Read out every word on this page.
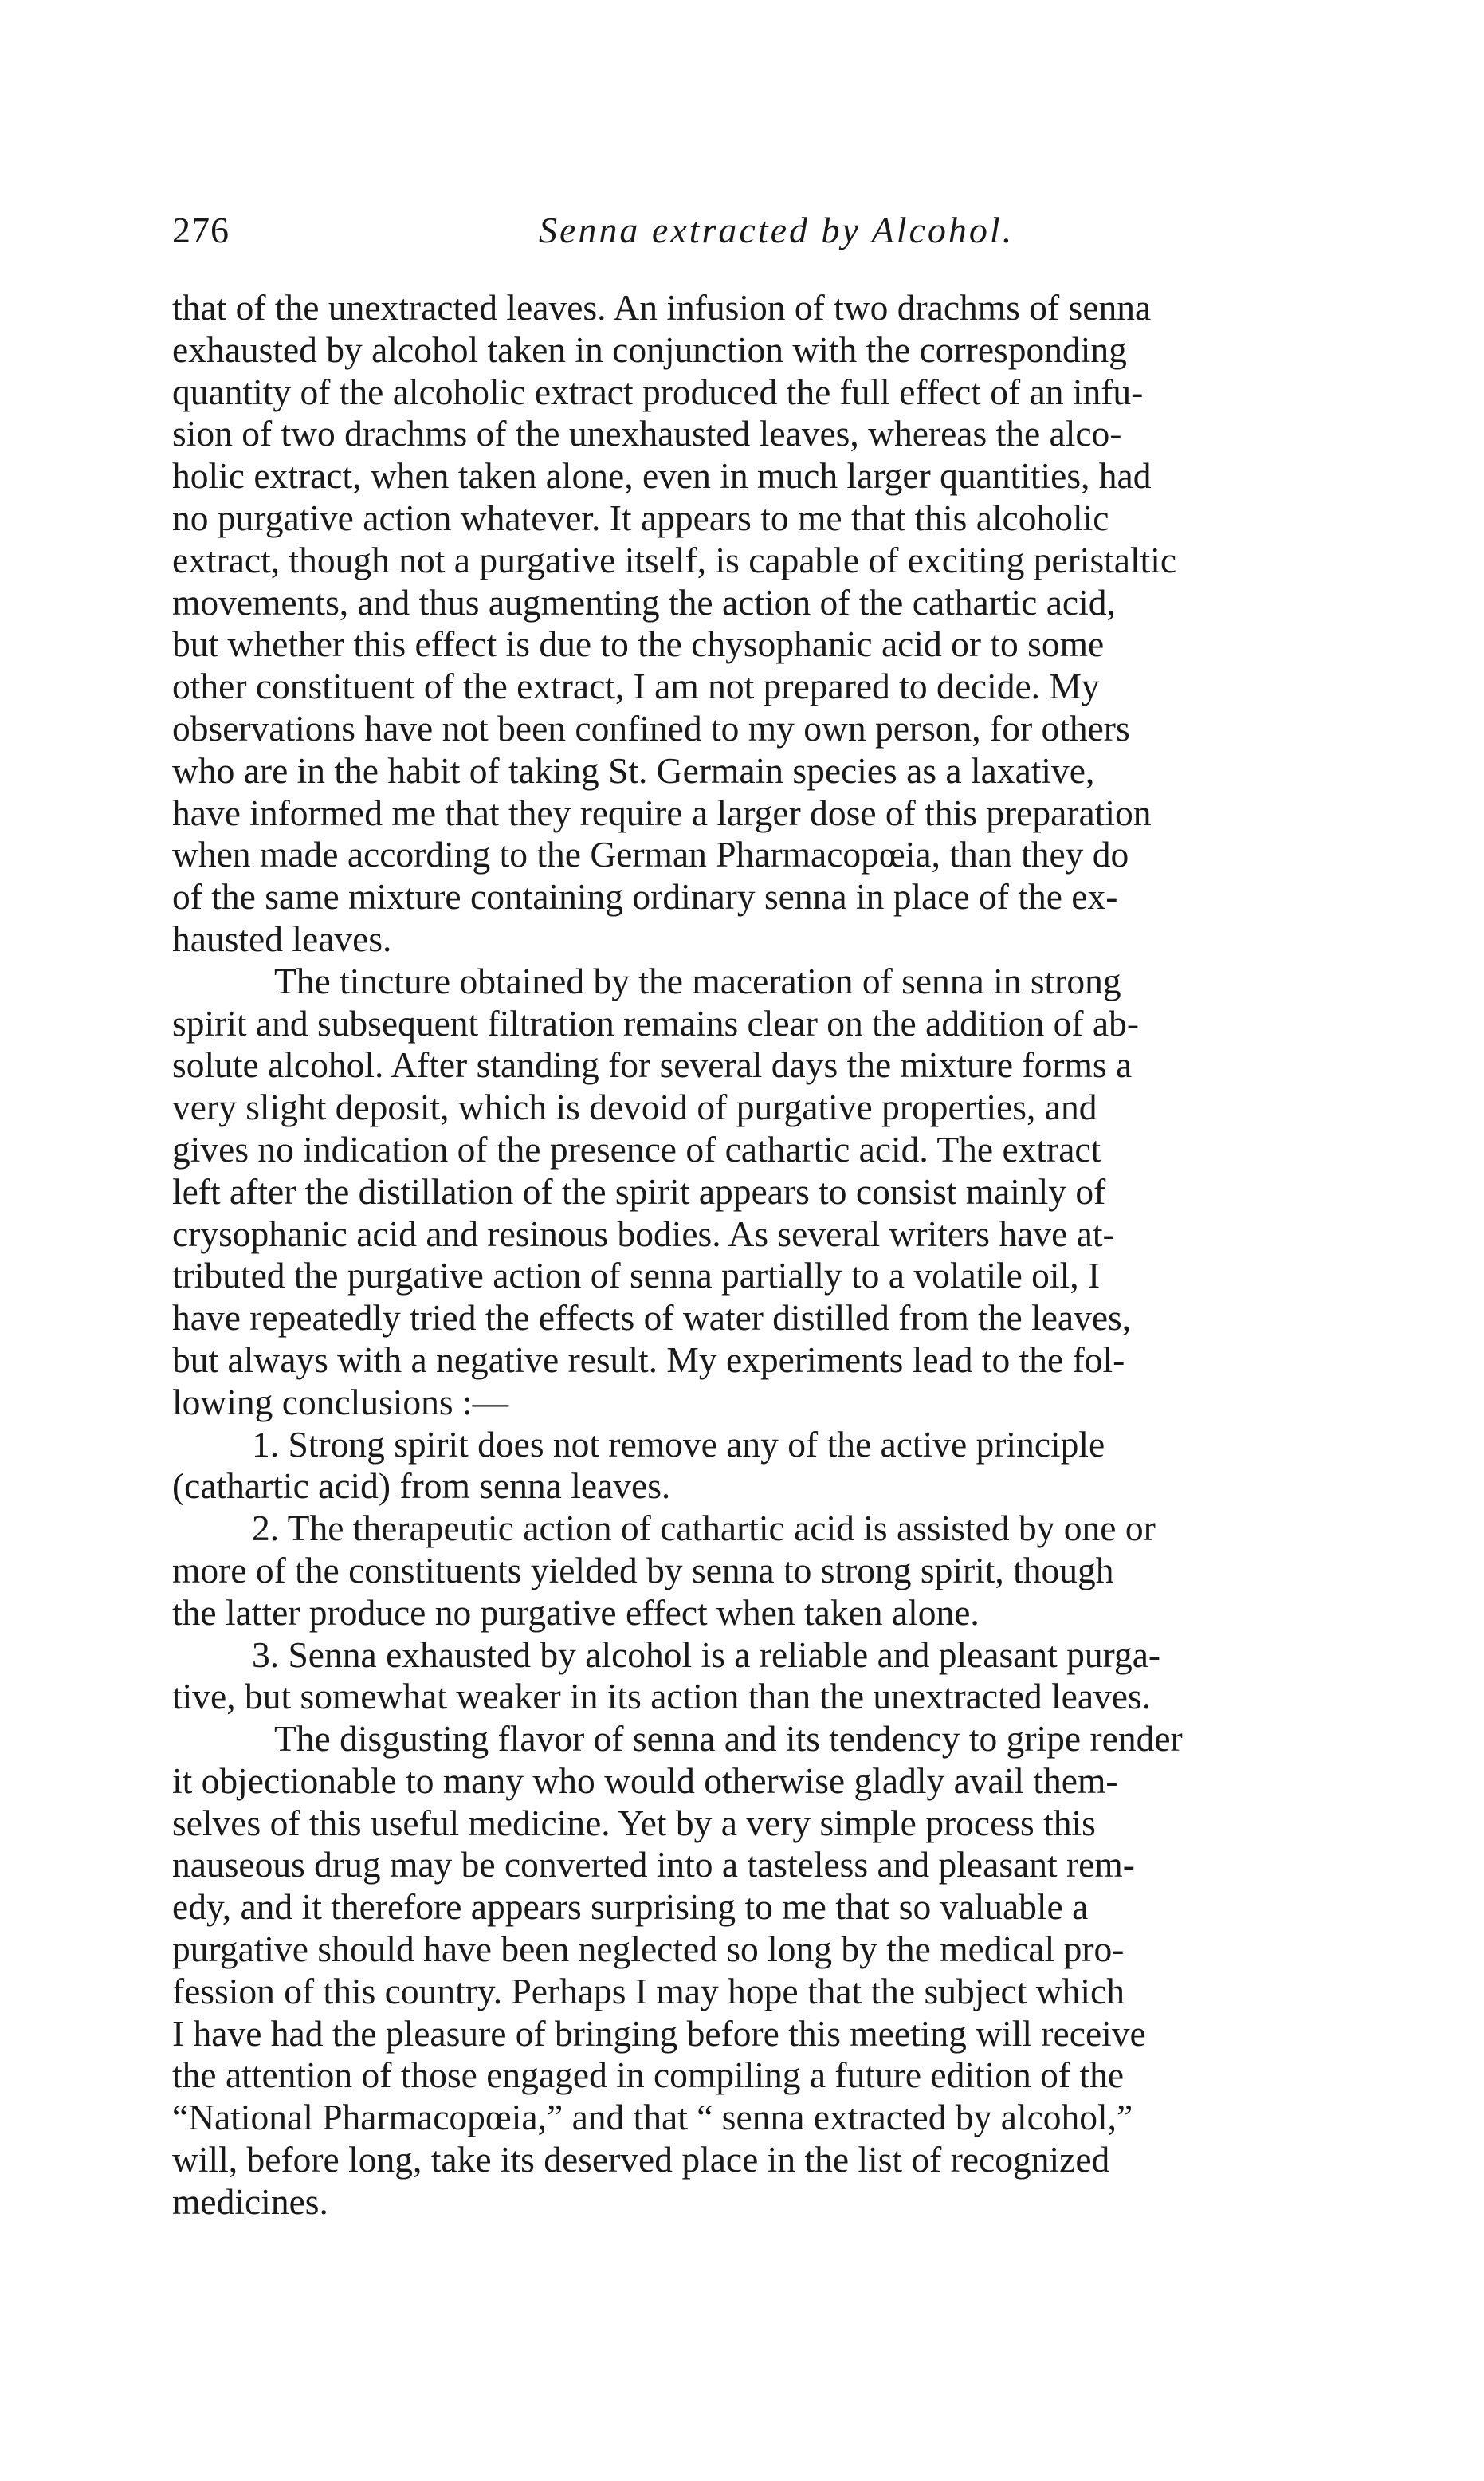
276	Senna extracted by Alcohol.
that of the unextracted leaves. An infusion of two drachms of senna
exhausted by alcohol taken in conjunction with the corresponding
quantity of the alcoholic extract produced the full effect of an infu-
sion of two drachms of the unexhausted leaves, whereas the alco-
holic extract, when taken alone, even in much larger quantities, had
no purgative action whatever. It appears to me that this alcoholic
extract, though not a purgative itself, is capable of exciting peristaltic
movements, and thus augmenting the action of the cathartic acid,
but whether this effect is due to the chysophanic acid or to some
other constituent of the extract, I am not prepared to decide. My
observations have not been confined to my own person, for others
who are in the habit of taking St. Germain species as a laxative,
have informed me that they require a larger dose of this preparation
when made according to the German Pharmacopœia, than they do
of the same mixture containing ordinary senna in place of the ex-
hausted leaves.
The tincture obtained by the maceration of senna in strong
spirit and subsequent filtration remains clear on the addition of ab-
solute alcohol. After standing for several days the mixture forms a
very slight deposit, which is devoid of purgative properties, and
gives no indication of the presence of cathartic acid. The extract
left after the distillation of the spirit appears to consist mainly of
crysophanic acid and resinous bodies. As several writers have at-
tributed the purgative action of senna partially to a volatile oil, I
have repeatedly tried the effects of water distilled from the leaves,
but always with a negative result. My experiments lead to the fol-
lowing conclusions :—
1. Strong spirit does not remove any of the active principle
(cathartic acid) from senna leaves.
2. The therapeutic action of cathartic acid is assisted by one or
more of the constituents yielded by senna to strong spirit, though
the latter produce no purgative effect when taken alone.
3. Senna exhausted by alcohol is a reliable and pleasant purga-
tive, but somewhat weaker in its action than the unextracted leaves.
The disgusting flavor of senna and its tendency to gripe render
it objectionable to many who would otherwise gladly avail them-
selves of this useful medicine. Yet by a very simple process this
nauseous drug may be converted into a tasteless and pleasant rem-
edy, and it therefore appears surprising to me that so valuable a
purgative should have been neglected so long by the medical pro-
fession of this country. Perhaps I may hope that the subject which
I have had the pleasure of bringing before this meeting will receive
the attention of those engaged in compiling a future edition of the
“National Pharmacopœia,” and that “ senna extracted by alcohol,”
will, before long, take its deserved place in the list of recognized
medicines.
